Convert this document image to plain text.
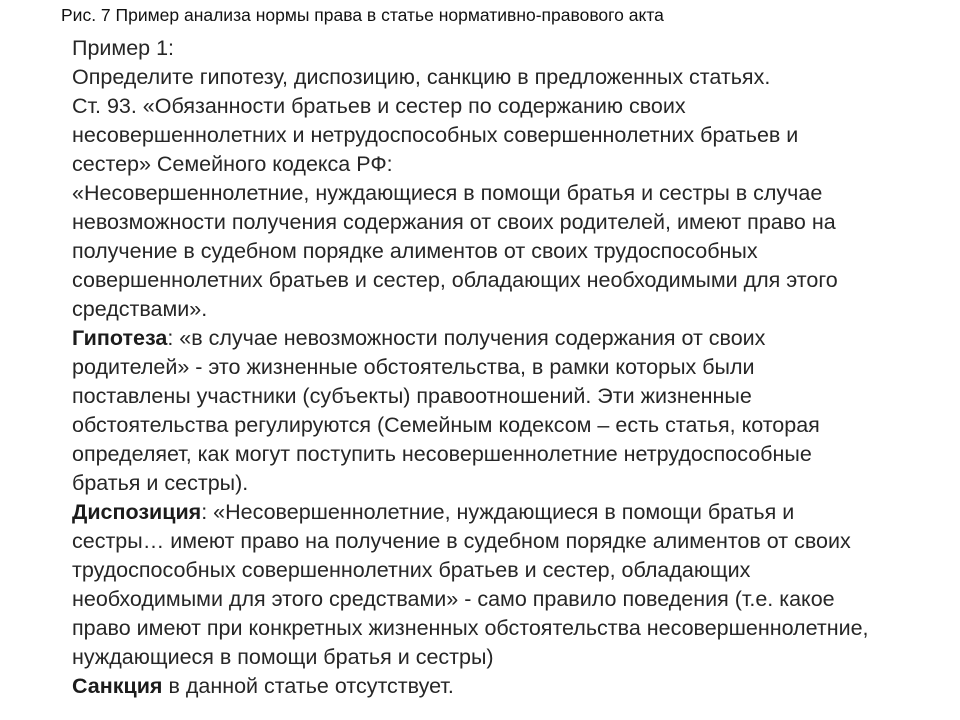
Рис. 7 Пример анализа нормы права в статье нормативно-правового акта
Пример 1:
Определите гипотезу, диспозицию, санкцию в предложенных статьях.
Ст. 93. «Обязанности братьев и сестер по содержанию своих
несовершеннолетних и нетрудоспособных совершеннолетних братьев и
сестер» Семейного кодекса РФ:
«Несовершеннолетние, нуждающиеся в помощи братья и сестры в случае
невозможности получения содержания от своих родителей, имеют право на
получение в судебном порядке алиментов от своих трудоспособных
совершеннолетних братьев и сестер, обладающих необходимыми для этого
средствами».
Гипотеза: «в случае невозможности получения содержания от своих
родителей» - это жизненные обстоятельства, в рамки которых были
поставлены участники (субъекты) правоотношений. Эти жизненные
обстоятельства регулируются (Семейным кодексом – есть статья, которая
определяет, как могут поступить несовершеннолетние нетрудоспособные
братья и сестры).
Диспозиция: «Несовершеннолетние, нуждающиеся в помощи братья и
сестры… имеют право на получение в судебном порядке алиментов от своих
трудоспособных совершеннолетних братьев и сестер, обладающих
необходимыми для этого средствами» - само правило поведения (т.е. какое
право имеют при конкретных жизненных обстоятельства несовершеннолетние,
нуждающиеся в помощи братья и сестры)
Санкция в данной статье отсутствует.
